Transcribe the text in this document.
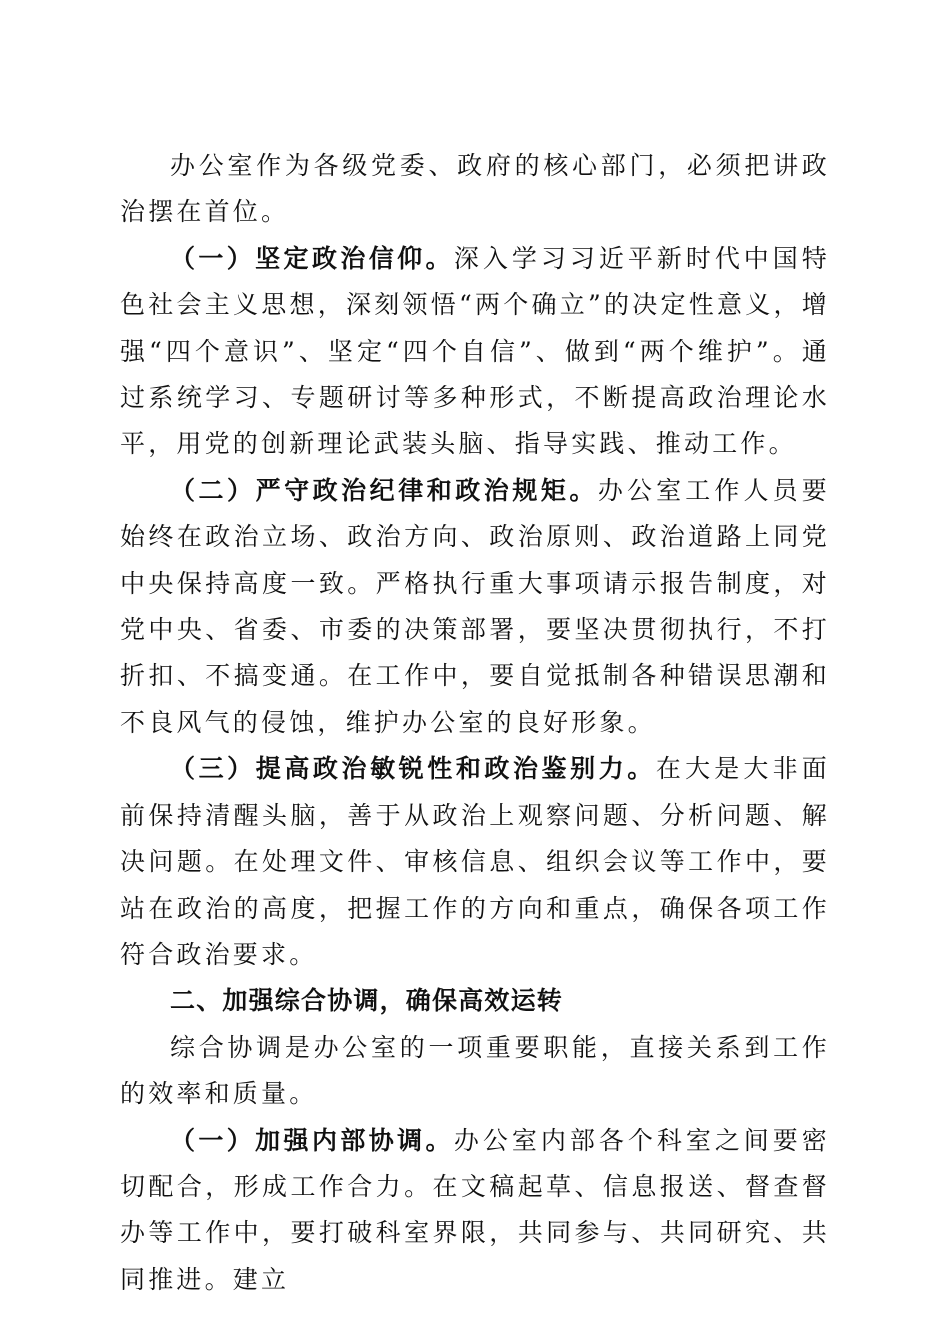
办公室作为各级党委、政府的核心部门，必须把讲政治摆在首位。

（一）坚定政治信仰。深入学习习近平新时代中国特色社会主义思想，深刻领悟“两个确立”的决定性意义，增强“四个意识”、坚定“四个自信”、做到“两个维护”。通过系统学习、专题研讨等多种形式，不断提高政治理论水平，用党的创新理论武装头脑、指导实践、推动工作。

（二）严守政治纪律和政治规矩。办公室工作人员要始终在政治立场、政治方向、政治原则、政治道路上同党中央保持高度一致。严格执行重大事项请示报告制度，对党中央、省委、市委的决策部署，要坚决贯彻执行，不打折扣、不搞变通。在工作中，要自觉抵制各种错误思潮和不良风气的侵蚀，维护办公室的良好形象。

（三）提高政治敏锐性和政治鉴别力。在大是大非面前保持清醒头脑，善于从政治上观察问题、分析问题、解决问题。在处理文件、审核信息、组织会议等工作中，要站在政治的高度，把握工作的方向和重点，确保各项工作符合政治要求。

二、加强综合协调，确保高效运转

综合协调是办公室的一项重要职能，直接关系到工作的效率和质量。

（一）加强内部协调。办公室内部各个科室之间要密切配合，形成工作合力。在文稿起草、信息报送、督查督办等工作中，要打破科室界限，共同参与、共同研究、共同推进。建立
